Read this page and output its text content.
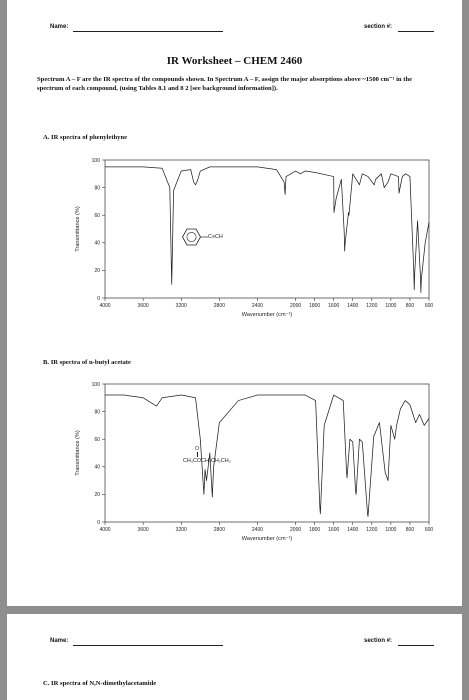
Name:	section #:
IR Worksheet – CHEM 2460
Spectrum A – F are the IR spectra of the compounds shown. In Spectrum A – F, assign the major absorptions above ~1500 cm⁻¹ in the spectrum of each compound, (using Tables 8.1 and 8 2 [see background information]).
A. IR spectra of phenylethyne
0
20
40
60
80
100
4000	3600	3200	2800	2400	2000 1800 1600 1400 1200 1000 800 600
Wavenumber (cm⁻¹)
Transmittance (%)	C≡CH
B. IR spectra of n-butyl acetate
0
20
40
60
80
100
4000	3600	3200	2800	2400	2000 1800 1600 1400 1200 1000 800 600
Wavenumber (cm⁻¹)
Transmittance (%)	O
CH₃COCH₂CH₂CH₃
Name:	section #:
C. IR spectra of N,N-dimethylacetamide
